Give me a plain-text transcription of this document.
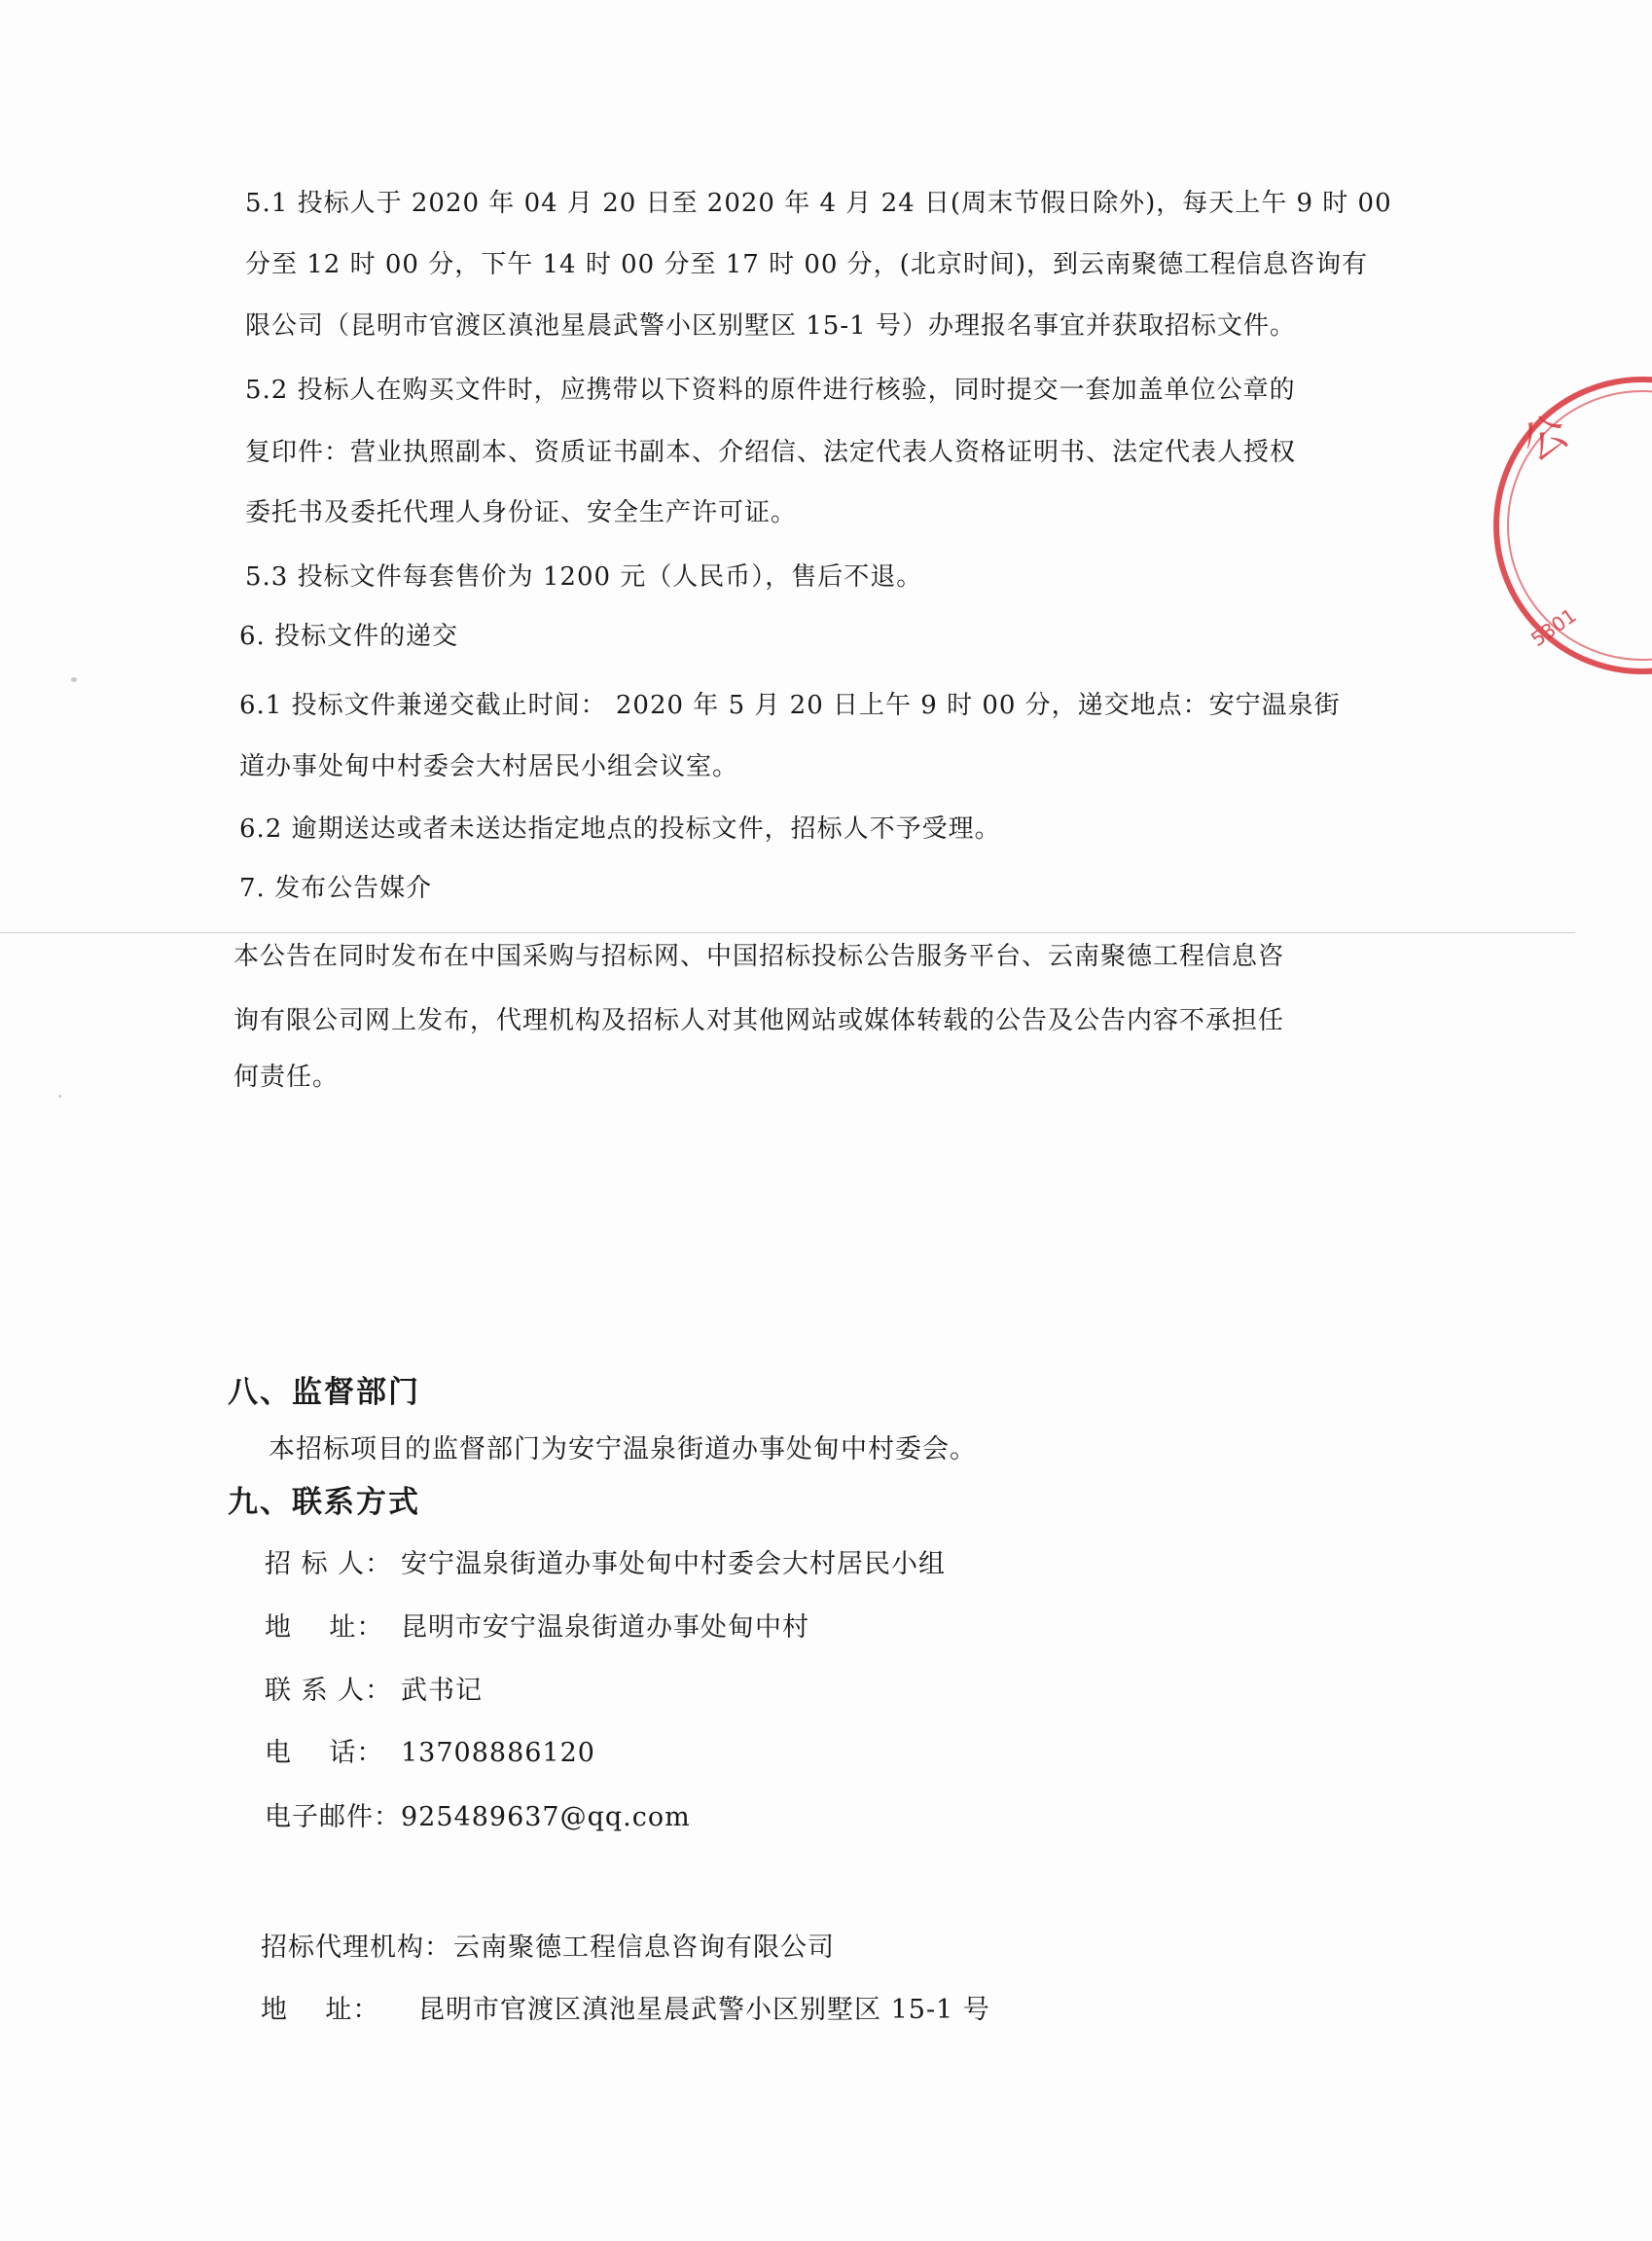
5.1 投标人于 2020 年 04 月 20 日至 2020 年 4 月 24 日(周末节假日除外)，每天上午 9 时 00
分至 12 时 00 分，下午 14 时 00 分至 17 时 00 分，(北京时间)，到云南聚德工程信息咨询有
限公司（昆明市官渡区滇池星晨武警小区别墅区 15-1 号）办理报名事宜并获取招标文件。
5.2 投标人在购买文件时，应携带以下资料的原件进行核验，同时提交一套加盖单位公章的
复印件：营业执照副本、资质证书副本、介绍信、法定代表人资格证明书、法定代表人授权
委托书及委托代理人身份证、安全生产许可证。
5.3 投标文件每套售价为 1200 元（人民币），售后不退。
6. 投标文件的递交
6.1 投标文件兼递交截止时间： 2020 年 5 月 20 日上午 9 时 00 分，递交地点：安宁温泉街
道办事处甸中村委会大村居民小组会议室。
6.2 逾期送达或者未送达指定地点的投标文件，招标人不予受理。
7. 发布公告媒介
本公告在同时发布在中国采购与招标网、中国招标投标公告服务平台、云南聚德工程信息咨
询有限公司网上发布，代理机构及招标人对其他网站或媒体转载的公告及公告内容不承担任
何责任。
八、监督部门
本招标项目的监督部门为安宁温泉街道办事处甸中村委会。
九、联系方式
招 标 人： 安宁温泉街道办事处甸中村委会大村居民小组
地    址： 昆明市安宁温泉街道办事处甸中村
联 系 人： 武书记
电    话： 13708886120
电子邮件：925489637@qq.com
招标代理机构：云南聚德工程信息咨询有限公司
地    址： 昆明市官渡区滇池星晨武警小区别墅区 15-1 号
公
5301
